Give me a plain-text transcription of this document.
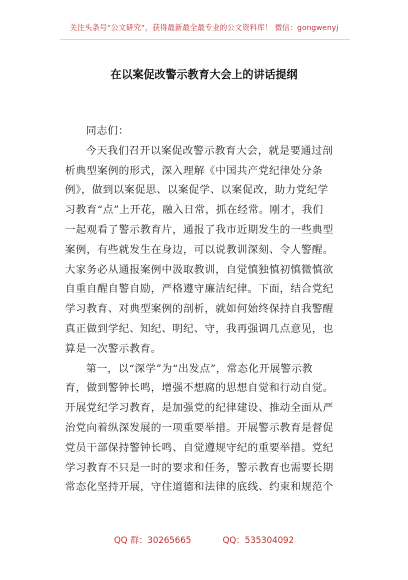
关注头条号“公文研究”，获得最新最全最专业的公文资料库！ 微信：gongwenyj
在以案促改警示教育大会上的讲话提纲
同志们：
今天我们召开以案促改警示教育大会，就是要通过剖
析典型案例的形式，深入理解《中国共产党纪律处分条
例》，做到以案促思、以案促学、以案促改，助力党纪学
习教育“点”上开花，融入日常，抓在经常。刚才，我们
一起观看了警示教育片，通报了我市近期发生的一些典型
案例，有些就发生在身边，可以说教训深刻、令人警醒。
大家务必从通报案例中汲取教训，自觉慎独慎初慎微慎欲
自重自醒自警自励，严格遵守廉洁纪律。下面，结合党纪
学习教育、对典型案例的剖析，就如何始终保持自我警醒
真正做到学纪、知纪、明纪、守，我再强调几点意见，也
算是一次警示教育。
第一，以“深学”为“出发点”，常态化开展警示教
育，做到警钟长鸣，增强不想腐的思想自觉和行动自觉。
开展党纪学习教育，是加强党的纪律建设、推动全面从严
治党向着纵深发展的一项重要举措。开展警示教育是督促
党员干部保持警钟长鸣、自觉遵规守纪的重要举措。党纪
学习教育不只是一时的要求和任务，警示教育也需要长期
常态化坚持开展，守住道德和法律的底线、约束和规范个
QQ 群：30265665	QQ：535304092
